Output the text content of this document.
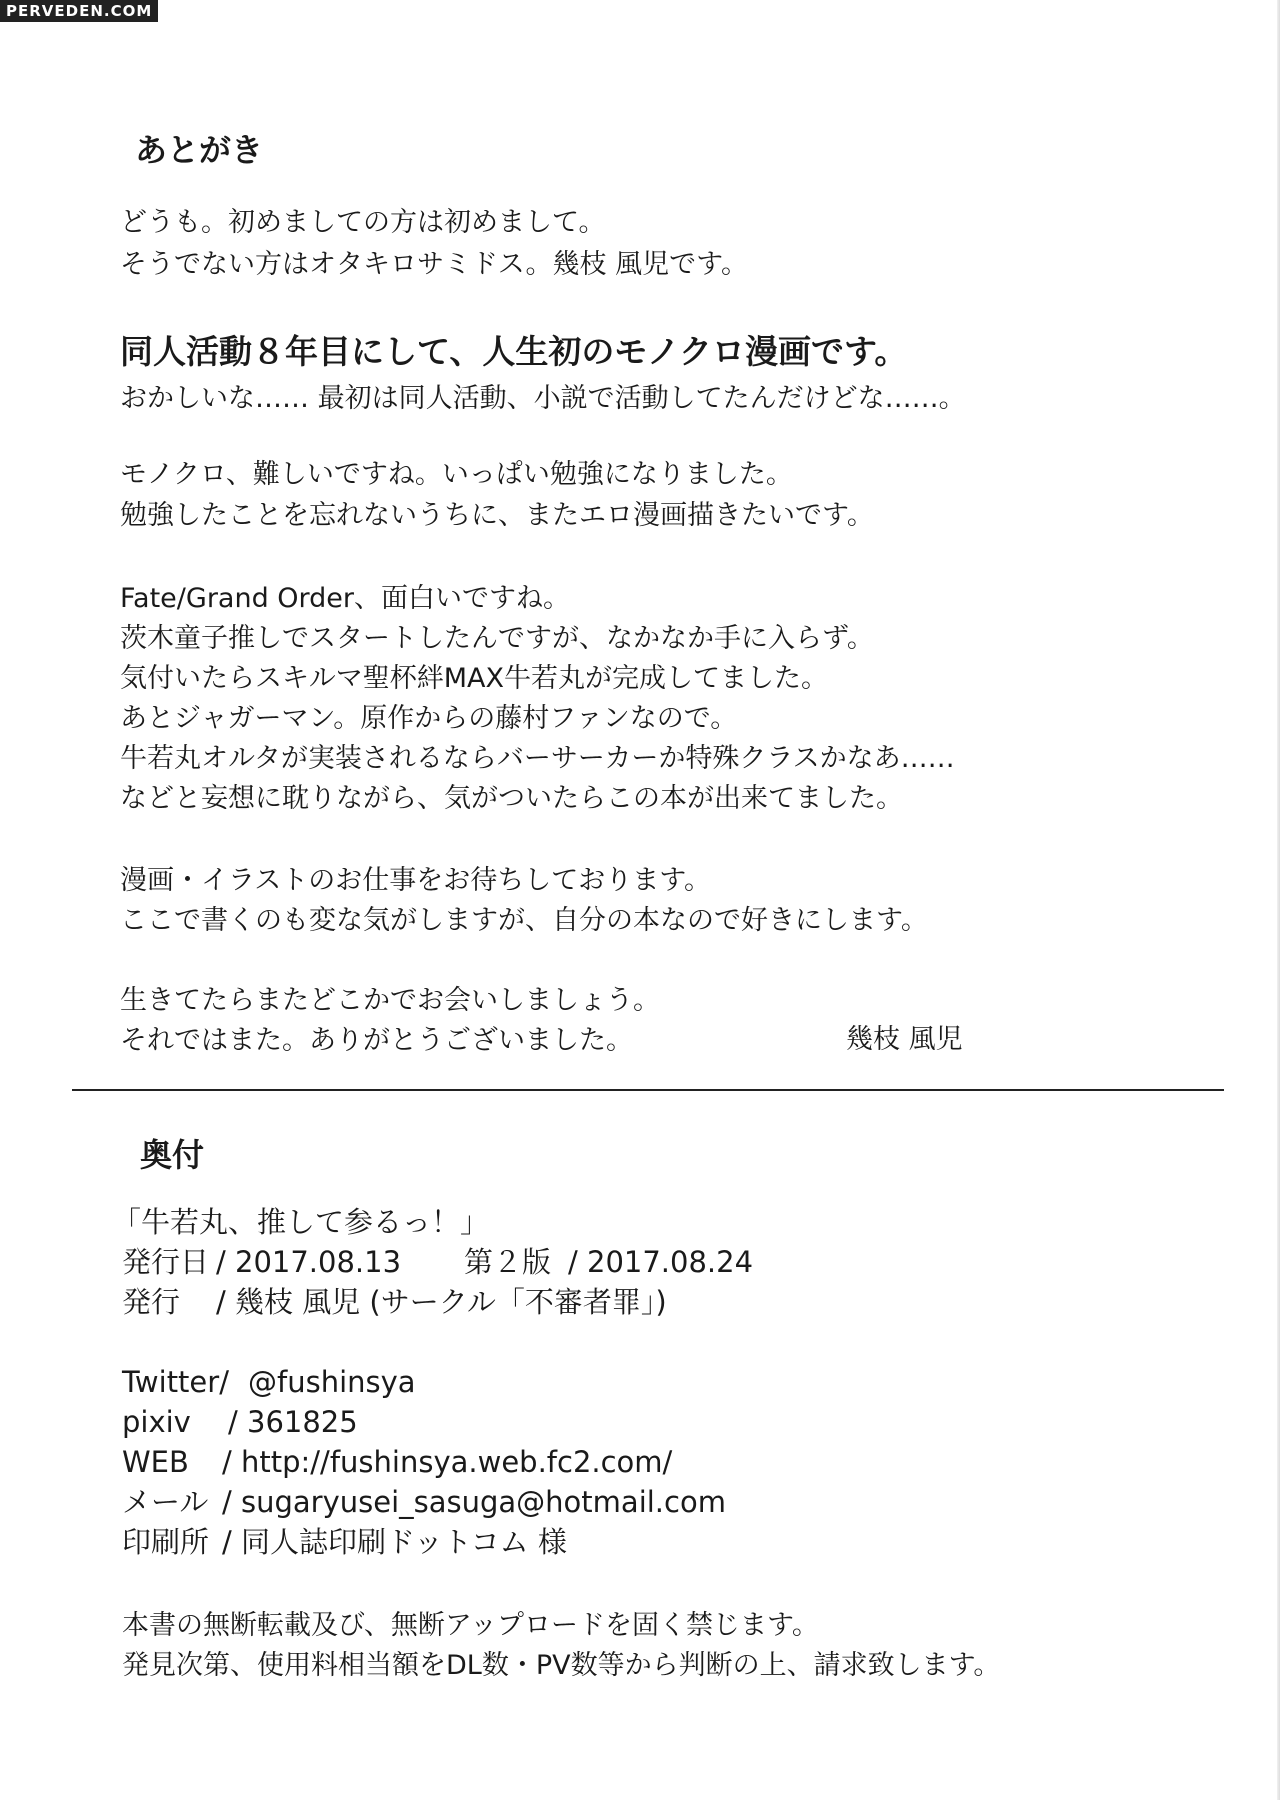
PERVEDEN.COM
あとがき
どうも。初めましての方は初めまして。
そうでない方はオタキロサミドス。幾枝 風児です。
同人活動８年目にして、人生初のモノクロ漫画です。
おかしいな…… 最初は同人活動、小説で活動してたんだけどな……。
モノクロ、難しいですね。いっぱい勉強になりました。
勉強したことを忘れないうちに、またエロ漫画描きたいです。
Fate/Grand Order、面白いですね。
茨木童子推しでスタートしたんですが、なかなか手に入らず。
気付いたらスキルマ聖杯絆MAX牛若丸が完成してました。
あとジャガーマン。原作からの藤村ファンなので。
牛若丸オルタが実装されるならバーサーカーか特殊クラスかなあ……
などと妄想に耽りながら、気がついたらこの本が出来てました。
漫画・イラストのお仕事をお待ちしております。
ここで書くのも変な気がしますが、自分の本なので好きにします。
生きてたらまたどこかでお会いしましょう。
それではまた。ありがとうございました。	幾枝 風児
奥付
「牛若丸、推して参るっ！」
発行日 / 2017.08.13 第２版 / 2017.08.24
発行 / 幾枝 風児 (サークル「不審者罪」)
Twitter/ @fushinsya
pixiv / 361825
WEB / http://fushinsya.web.fc2.com/
メール / sugaryusei_sasuga@hotmail.com
印刷所 / 同人誌印刷ドットコム 様
本書の無断転載及び、無断アップロードを固く禁じます。
発見次第、使用料相当額をDL数・PV数等から判断の上、請求致します。
